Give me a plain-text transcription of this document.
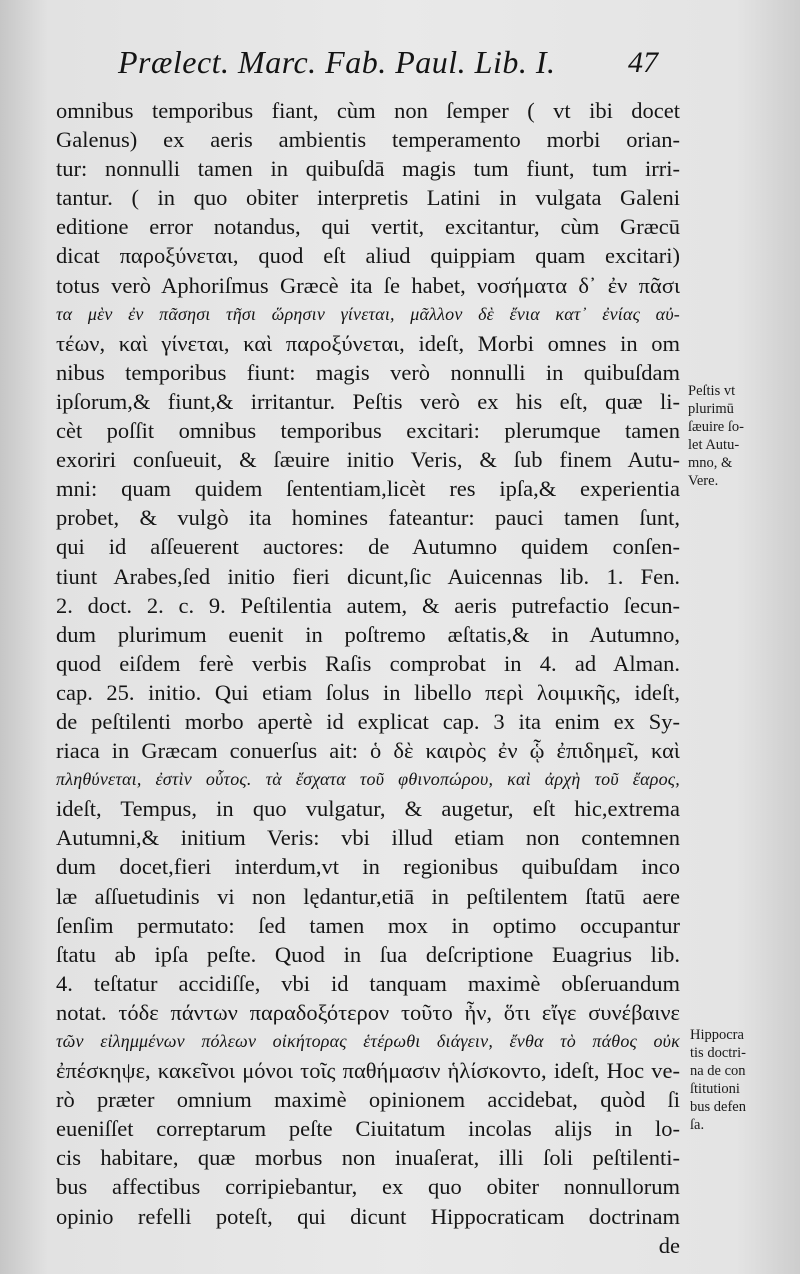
Prælect. Marc. Fab. Paul. Lib. I. 47
omnibus temporibus fiant, cùm non ſemper ( vt ibi docet
Galenus) ex aeris ambientis temperamento morbi orian-
tur: nonnulli tamen in quibuſdā magis tum fiunt, tum irri-
tantur. ( in quo obiter interpretis Latini in vulgata Galeni
editione error notandus, qui vertit, excitantur, cùm Græcū
dicat παροξύνεται, quod eſt aliud quippiam quam excitari)
totus verò Aphoriſmus Græcè ita ſe habet, νοσήματα δ᾽ ἐν πᾶσι
τα μὲν ἐν πᾶσησι τῆσι ὥρησιν γίνεται, μᾶλλον δὲ ἔνια κατ᾽ ἐνίας αὐ-
τέων, καὶ γίνεται, καὶ παροξύνεται, ideſt, Morbi omnes in om
nibus temporibus fiunt: magis verò nonnulli in quibuſdam
ipſorum,& fiunt,& irritantur. Peſtis verò ex his eſt, quæ li-
cèt poſſit omnibus temporibus excitari: plerumque tamen
exoriri conſueuit, & ſæuire initio Veris, & ſub finem Autu-
mni: quam quidem ſententiam,licèt res ipſa,& experientia
probet, & vulgò ita homines fateantur: pauci tamen ſunt,
qui id aſſeuerent auctores: de Autumno quidem conſen-
tiunt Arabes,ſed initio fieri dicunt,ſic Auicennas lib. 1. Fen.
2. doct. 2. c. 9. Peſtilentia autem, & aeris putrefactio ſecun-
dum plurimum euenit in poſtremo æſtatis,& in Autumno,
quod eiſdem ferè verbis Raſis comprobat in 4. ad Alman.
cap. 25. initio. Qui etiam ſolus in libello περὶ λοιμικῆς, ideſt,
de peſtilenti morbo apertè id explicat cap. 3 ita enim ex Sy-
riaca in Græcam conuerſus ait: ὁ δὲ καιρὸς ἐν ᾧ ἐπιδημεῖ, καὶ
πληθύνεται, ἐστὶν οὗτος. τὰ ἔσχατα τοῦ φθινοπώρου, καὶ ἀρχὴ τοῦ ἔαρος,
ideſt, Tempus, in quo vulgatur, & augetur, eſt hic,extrema
Autumni,& initium Veris: vbi illud etiam non contemnen
dum docet,fieri interdum,vt in regionibus quibuſdam inco
læ aſſuetudinis vi non lędantur,etiā in peſtilentem ſtatū aere
ſenſim permutato: ſed tamen mox in optimo occupantur
ſtatu ab ipſa peſte. Quod in ſua deſcriptione Euagrius lib.
4. teſtatur accidiſſe, vbi id tanquam maximè obſeruandum
notat. τόδε πάντων παραδοξότερον τοῦτο ἦν, ὅτι εἴγε συνέβαινε
τῶν εἰλημμένων πόλεων οἰκήτορας ἑτέρωθι διάγειν, ἔνθα τὸ πάθος οὐκ
ἐπέσκηψε, κακεῖνοι μόνοι τοῖς παθήμασιν ἡλίσκοντο, ideſt, Hoc ve-
rò præter omnium maximè opinionem accidebat, quòd ſi
eueniſſet correptarum peſte Ciuitatum incolas alijs in lo-
cis habitare, quæ morbus non inuaſerat, illi ſoli peſtilenti-
bus affectibus corripiebantur, ex quo obiter nonnullorum
opinio refelli poteſt, qui dicunt Hippocraticam doctrinam
de
Peſtis vt
plurimū
ſæuire ſo-
let Autu-
mno, &
Vere.
Hippocra
tis doctri-
na de con
ſtitutioni
bus defen
ſa.
